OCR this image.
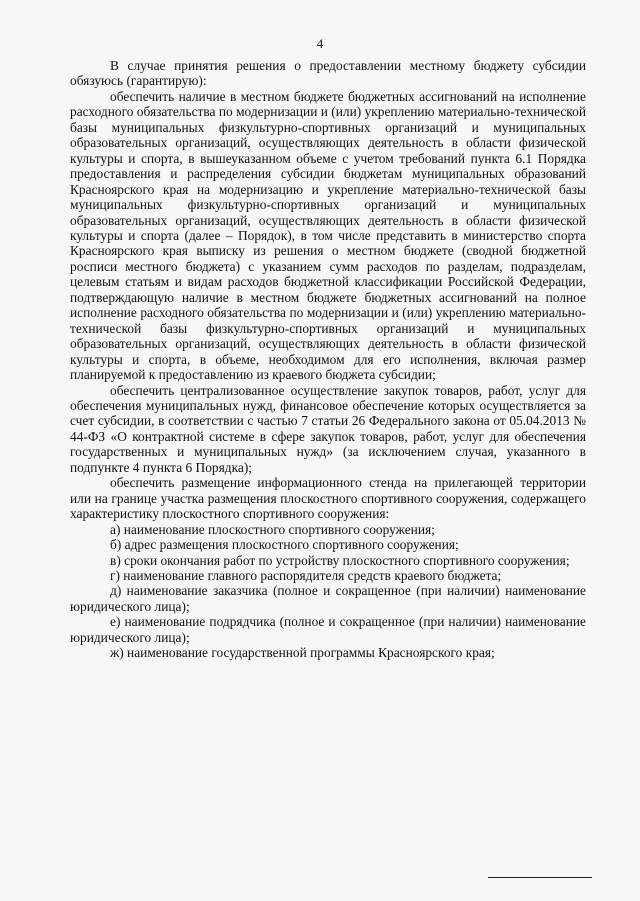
4

В случае принятия решения о предоставлении местному бюджету субсидии обязуюсь (гарантирую):

обеспечить наличие в местном бюджете бюджетных ассигнований на исполнение расходного обязательства по модернизации и (или) укреплению материально-технической базы муниципальных физкультурно-спортивных организаций и муниципальных образовательных организаций, осуществляющих деятельность в области физической культуры и спорта, в вышеуказанном объеме с учетом требований пункта 6.1 Порядка предоставления и распределения субсидии бюджетам муниципальных образований Красноярского края на модернизацию и укрепление материально-технической базы муниципальных физкультурно-спортивных организаций и муниципальных образовательных организаций, осуществляющих деятельность в области физической культуры и спорта (далее – Порядок), в том числе представить в министерство спорта Красноярского края выписку из решения о местном бюджете (сводной бюджетной росписи местного бюджета) с указанием сумм расходов по разделам, подразделам, целевым статьям и видам расходов бюджетной классификации Российской Федерации, подтверждающую наличие в местном бюджете бюджетных ассигнований на полное исполнение расходного обязательства по модернизации и (или) укреплению материально-технической базы физкультурно-спортивных организаций и муниципальных образовательных организаций, осуществляющих деятельность в области физической культуры и спорта, в объеме, необходимом для его исполнения, включая размер планируемой к предоставлению из краевого бюджета субсидии;

обеспечить централизованное осуществление закупок товаров, работ, услуг для обеспечения муниципальных нужд, финансовое обеспечение которых осуществляется за счет субсидии, в соответствии с частью 7 статьи 26 Федерального закона от 05.04.2013 № 44-ФЗ «О контрактной системе в сфере закупок товаров, работ, услуг для обеспечения государственных и муниципальных нужд» (за исключением случая, указанного в подпункте 4 пункта 6 Порядка);

обеспечить размещение информационного стенда на прилегающей территории или на границе участка размещения плоскостного спортивного сооружения, содержащего характеристику плоскостного спортивного сооружения:

а) наименование плоскостного спортивного сооружения;

б) адрес размещения плоскостного спортивного сооружения;

в) сроки окончания работ по устройству плоскостного спортивного сооружения;

г) наименование главного распорядителя средств краевого бюджета;

д) наименование заказчика (полное и сокращенное (при наличии) наименование юридического лица);

е) наименование подрядчика (полное и сокращенное (при наличии) наименование юридического лица);

ж) наименование государственной программы Красноярского края;
